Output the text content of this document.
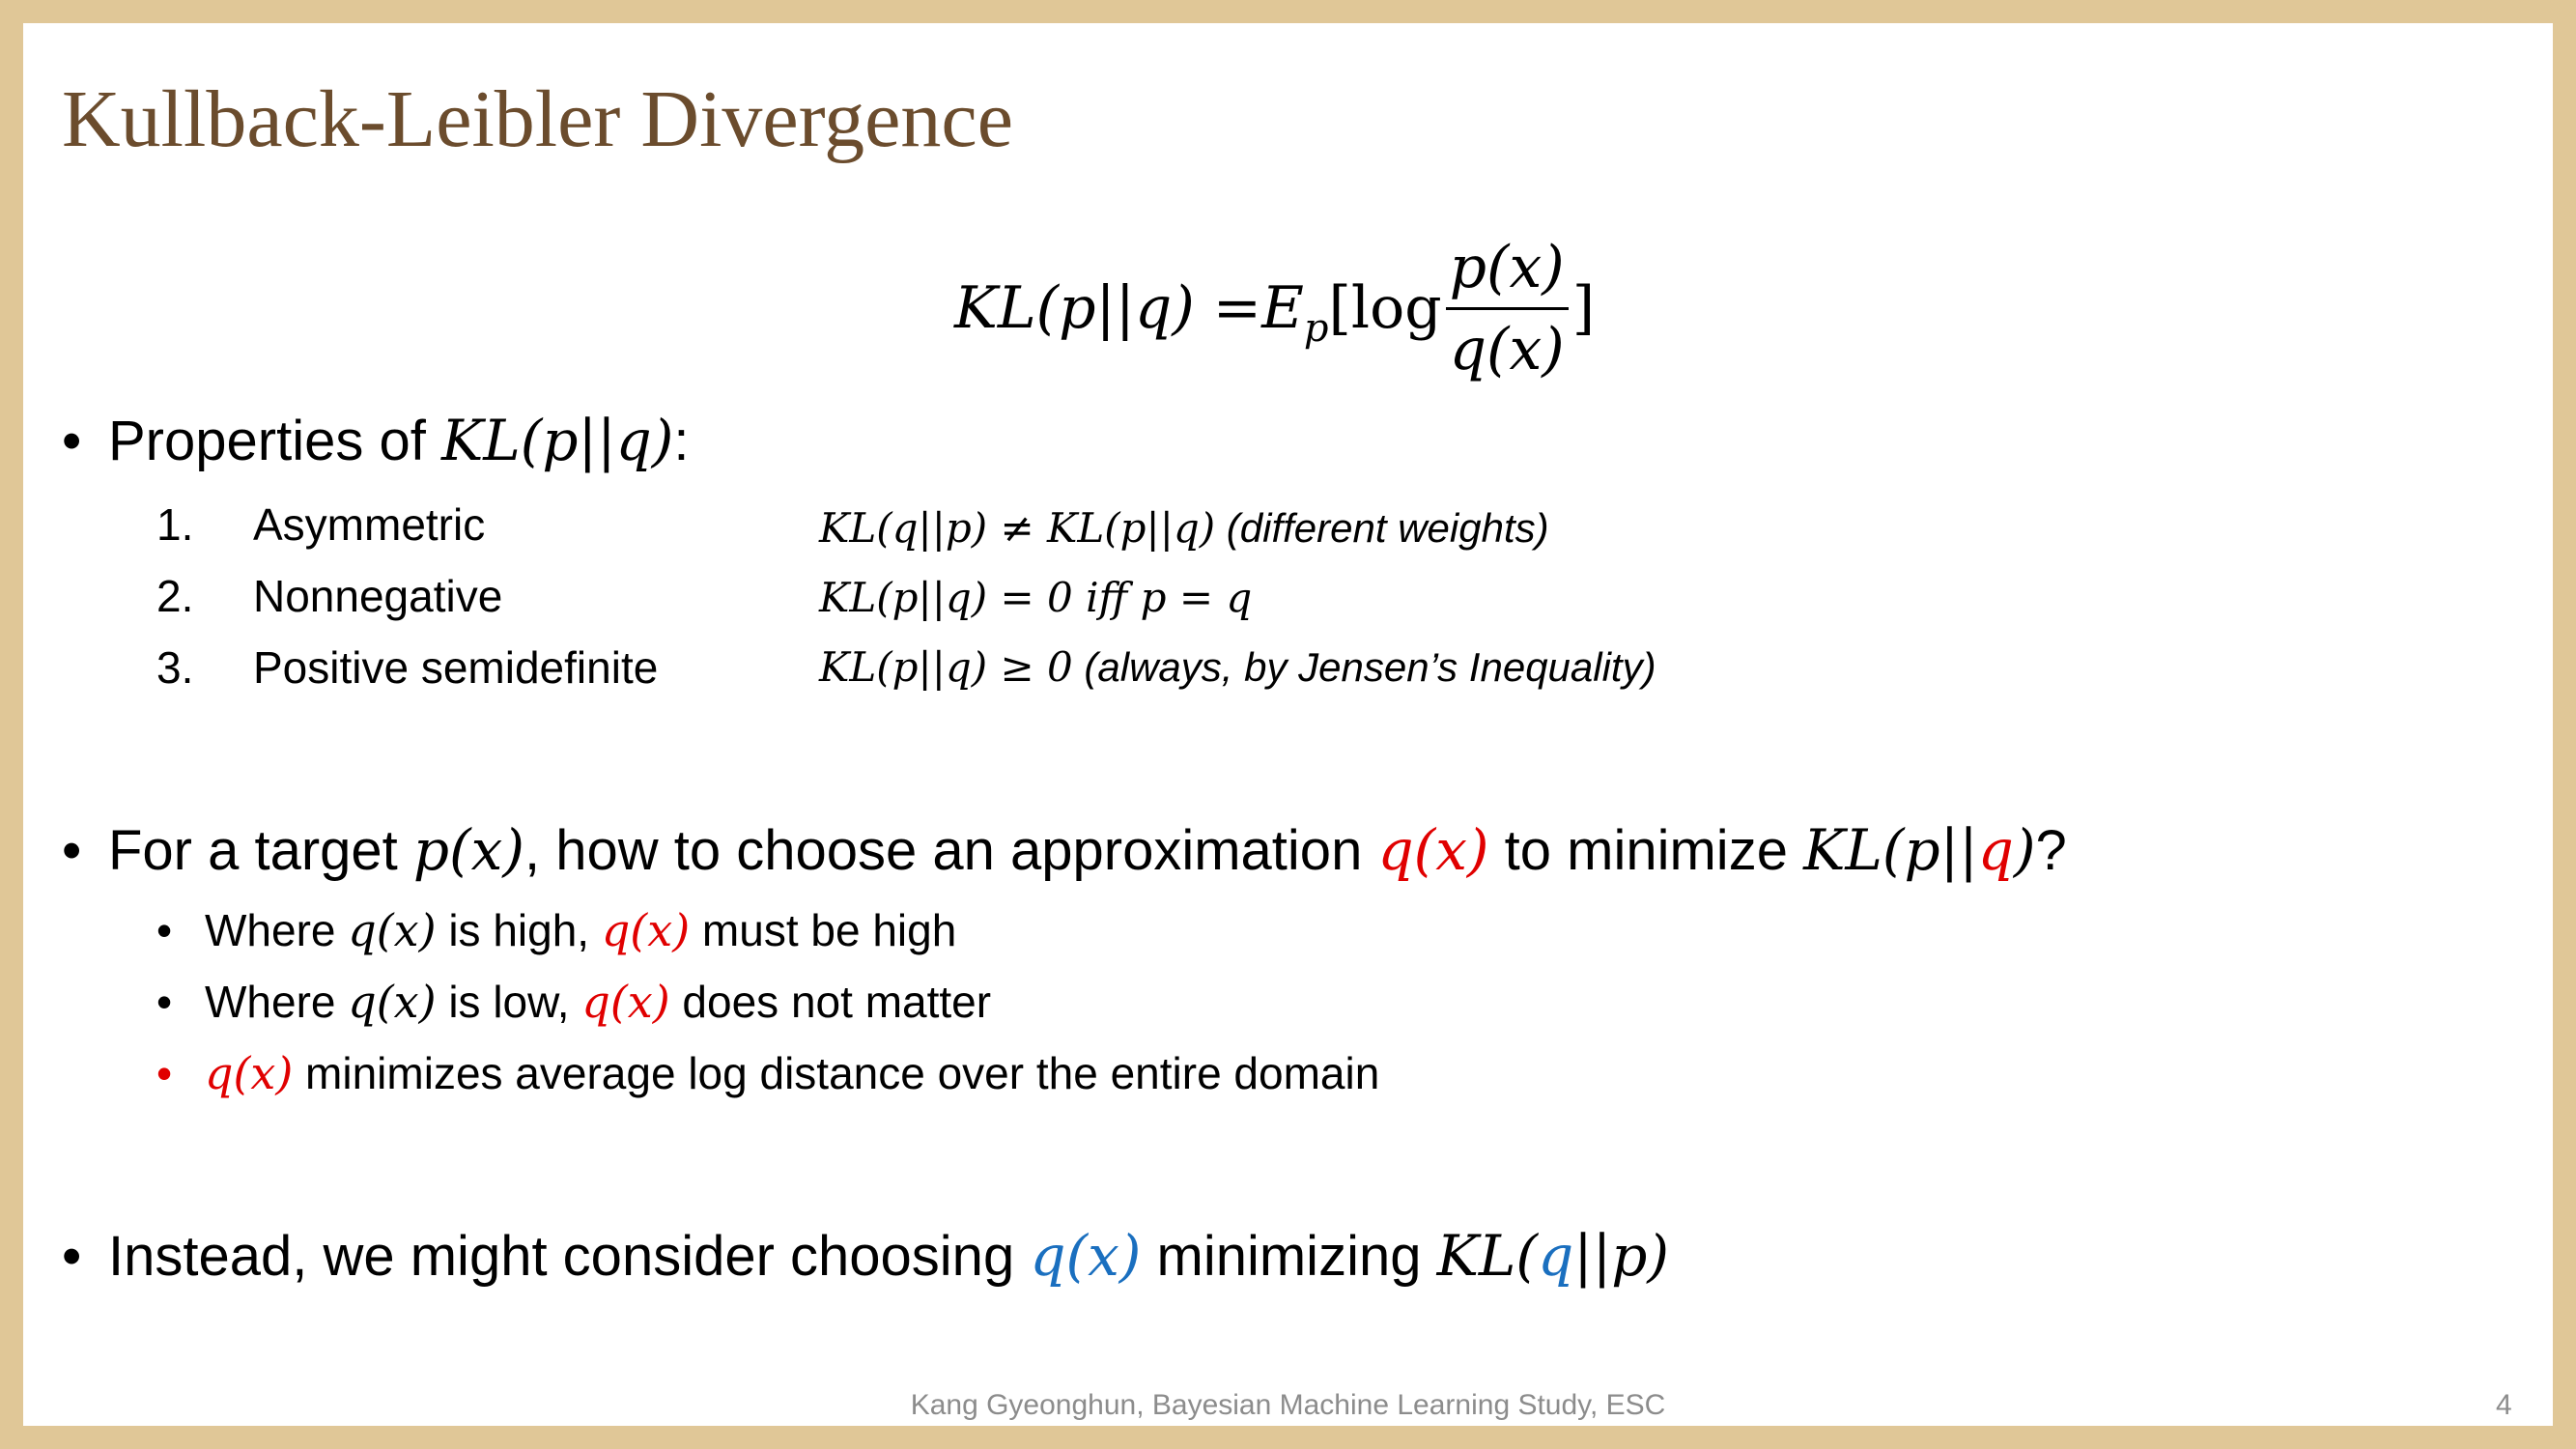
Kullback-Leibler Divergence
$KL(p||q) = E_p$ [$\log \frac{p(x)}{q(x)}$ ]
• Properties of KL(p||q):
1. Asymmetric	KL(q||p) ≠ KL(p||q) (different weights)
2. Nonnegative	KL(p||q) = 0 iff p = q
3. Positive semidefinite	KL(p||q) ≥ 0 (always, by Jensen’s Inequality)
• For a target p(x), how to choose an approximation q(x) to minimize KL(p||q)?
• Where q(x) is high, q(x) must be high
• Where q(x) is low, q(x) does not matter
• q(x) minimizes average log distance over the entire domain
• Instead, we might consider choosing q(x) minimizing KL(q||p)
Kang Gyeonghun, Bayesian Machine Learning Study, ESC	4
